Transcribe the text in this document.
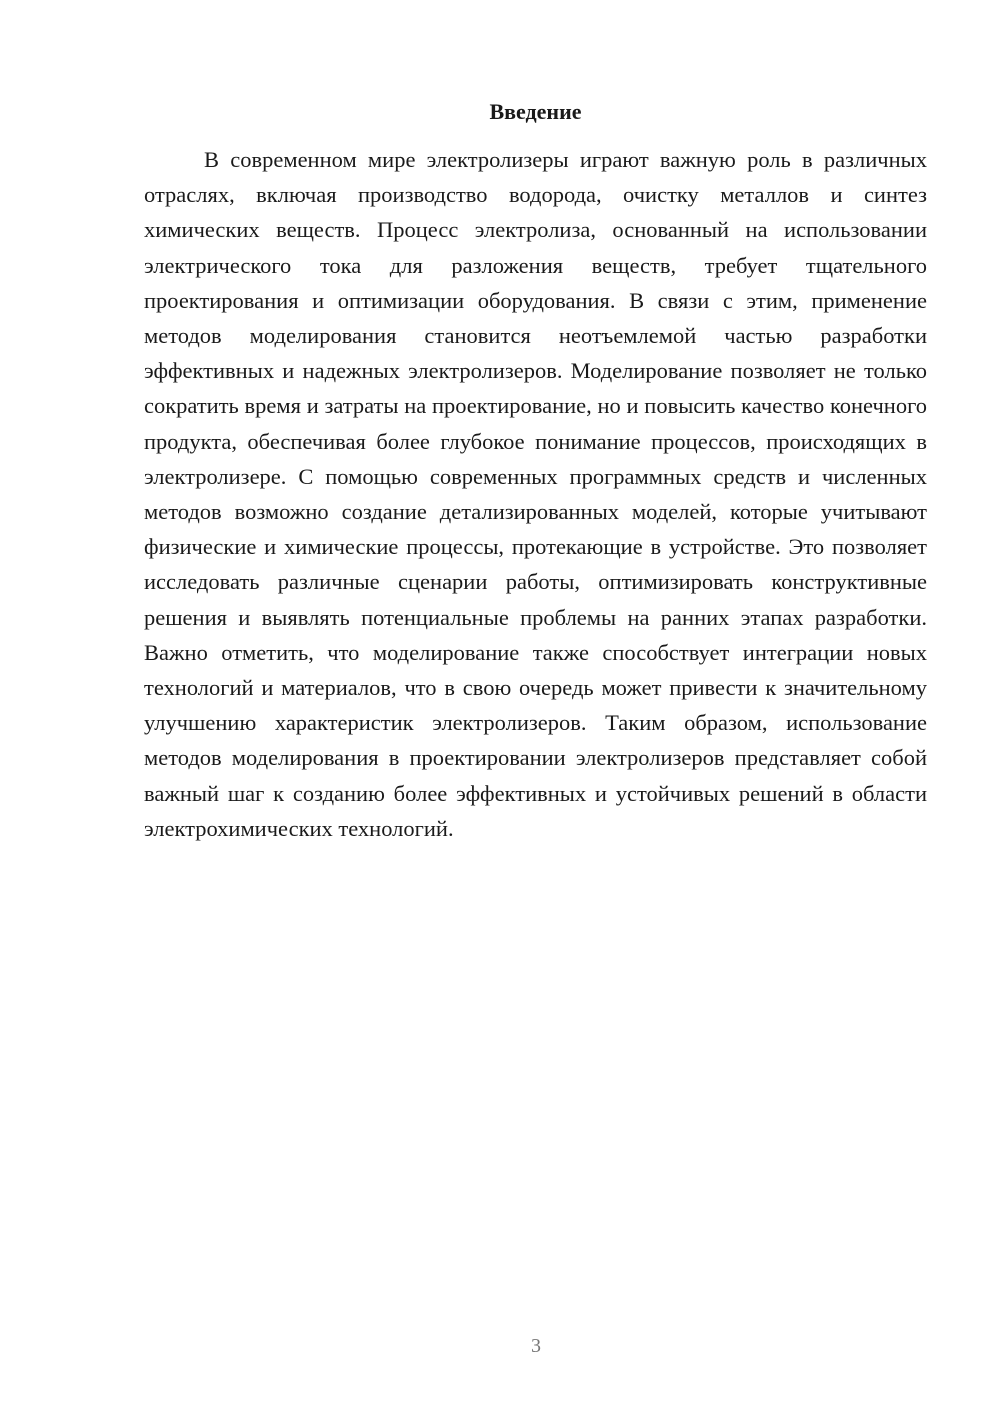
Введение

В современном мире электролизеры играют важную роль в различных отраслях, включая производство водорода, очистку металлов и синтез химических веществ. Процесс электролиза, основанный на использовании электрического тока для разложения веществ, требует тщательного проектирования и оптимизации оборудования. В связи с этим, применение методов моделирования становится неотъемлемой частью разработки эффективных и надежных электролизеров. Моделирование позволяет не только сократить время и затраты на проектирование, но и повысить качество конечного продукта, обеспечивая более глубокое понимание процессов, происходящих в электролизере. С помощью современных программных средств и численных методов возможно создание детализированных моделей, которые учитывают физические и химические процессы, протекающие в устройстве. Это позволяет исследовать различные сценарии работы, оптимизировать конструктивные решения и выявлять потенциальные проблемы на ранних этапах разработки. Важно отметить, что моделирование также способствует интеграции новых технологий и материалов, что в свою очередь может привести к значительному улучшению характеристик электролизеров. Таким образом, использование методов моделирования в проектировании электролизеров представляет собой важный шаг к созданию более эффективных и устойчивых решений в области электрохимических технологий.

3
